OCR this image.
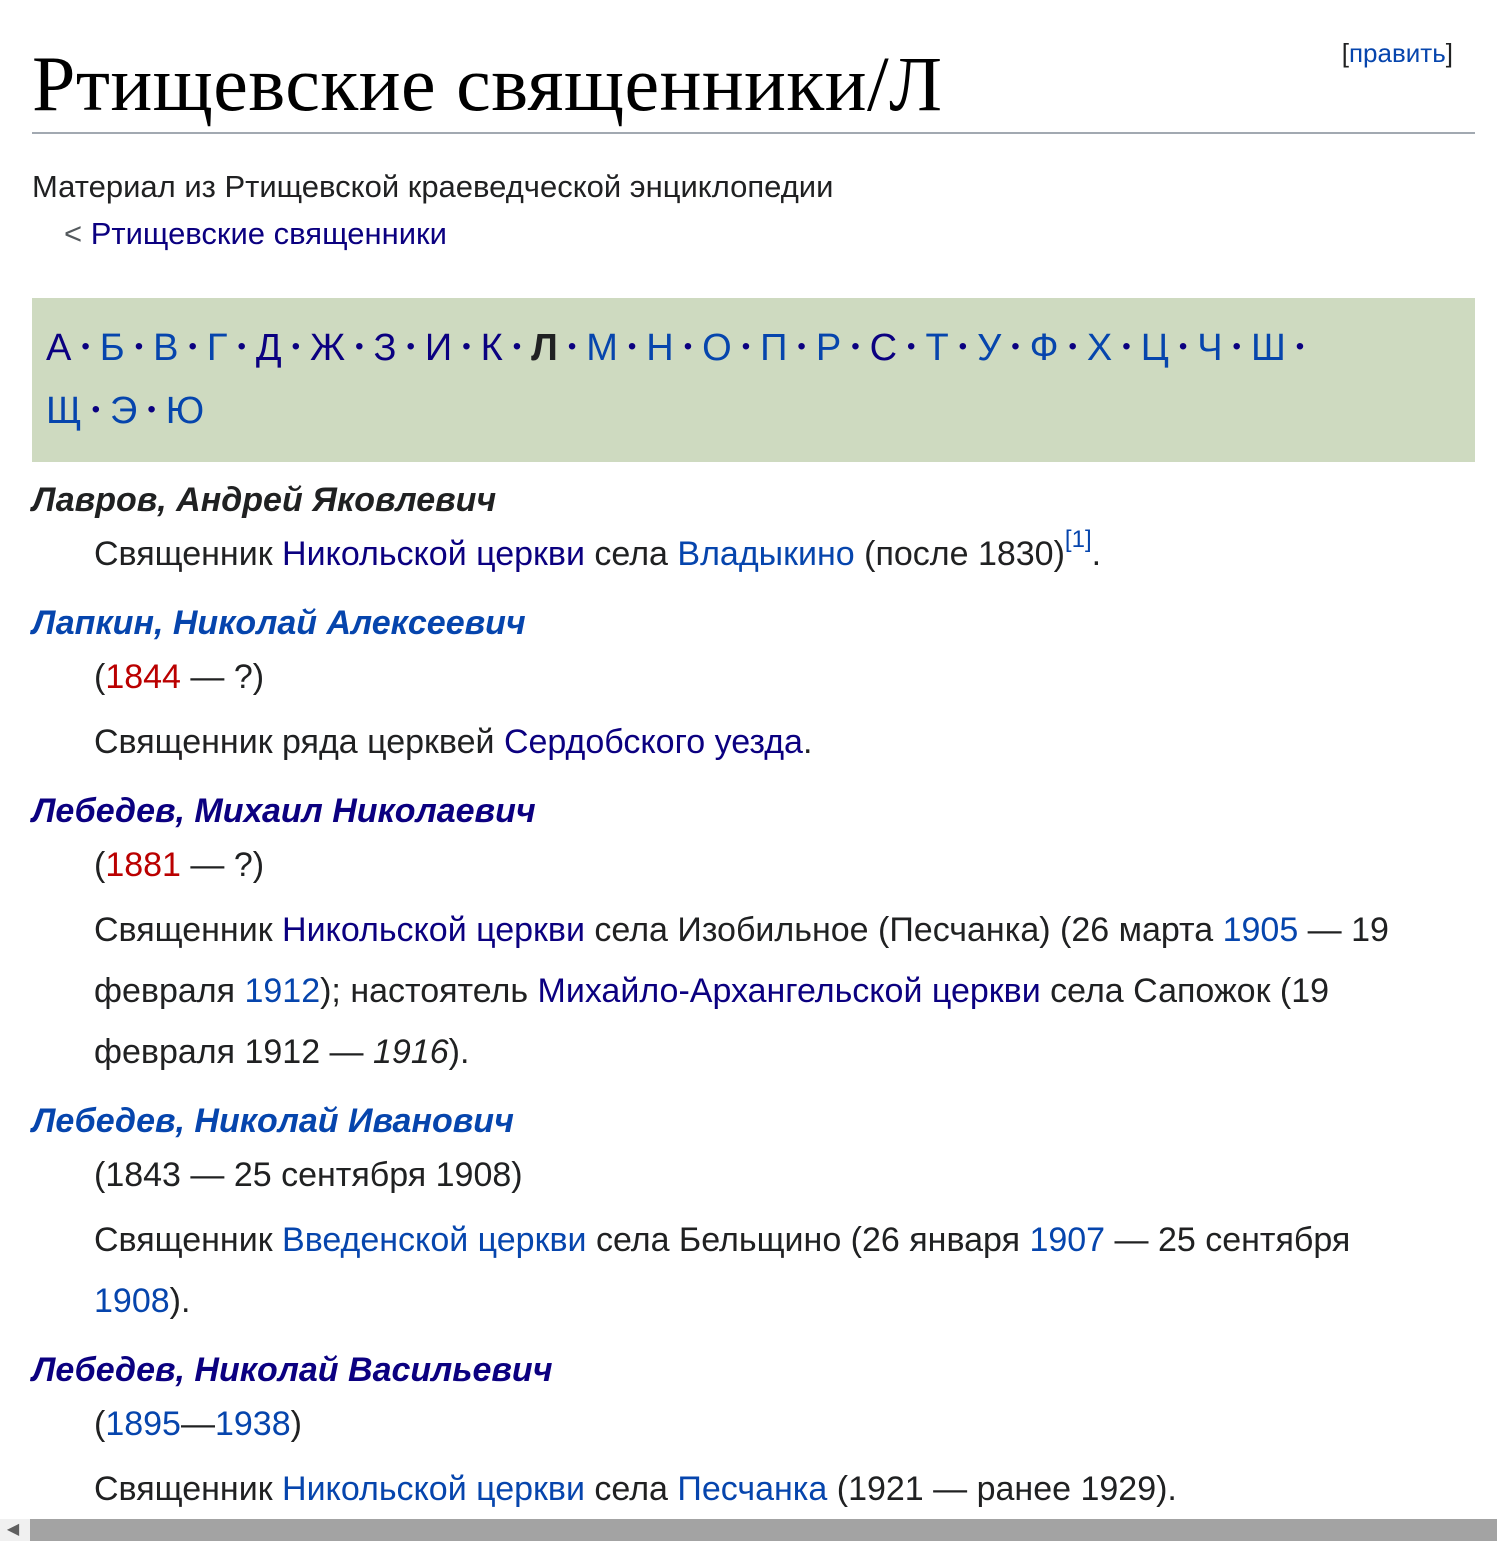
[править]
Ртищевские священники/Л
Материал из Ртищевской краеведческой энциклопедии
< Ртищевские священники
А • Б • В • Г • Д • Ж • З • И • К • Л • М • Н • О • П • Р • С • Т • У • Ф • Х • Ц • Ч • Ш •
Щ • Э • Ю
Лавров, Андрей Яковлевич
Священник Никольской церкви села Владыкино (после 1830)[1].
Лапкин, Николай Алексеевич
(1844 — ?)
Священник ряда церквей Сердобского уезда.
Лебедев, Михаил Николаевич
(1881 — ?)
Священник Никольской церкви села Изобильное (Песчанка) (26 марта 1905 — 19 февраля 1912); настоятель Михайло-Архангельской церкви села Сапожок (19 февраля 1912 — 1916).
Лебедев, Николай Иванович
(1843 — 25 сентября 1908)
Священник Введенской церкви села Бельщино (26 января 1907 — 25 сентября 1908).
Лебедев, Николай Васильевич
(1895—1938)
Священник Никольской церкви села Песчанка (1921 — ранее 1929).
◀
